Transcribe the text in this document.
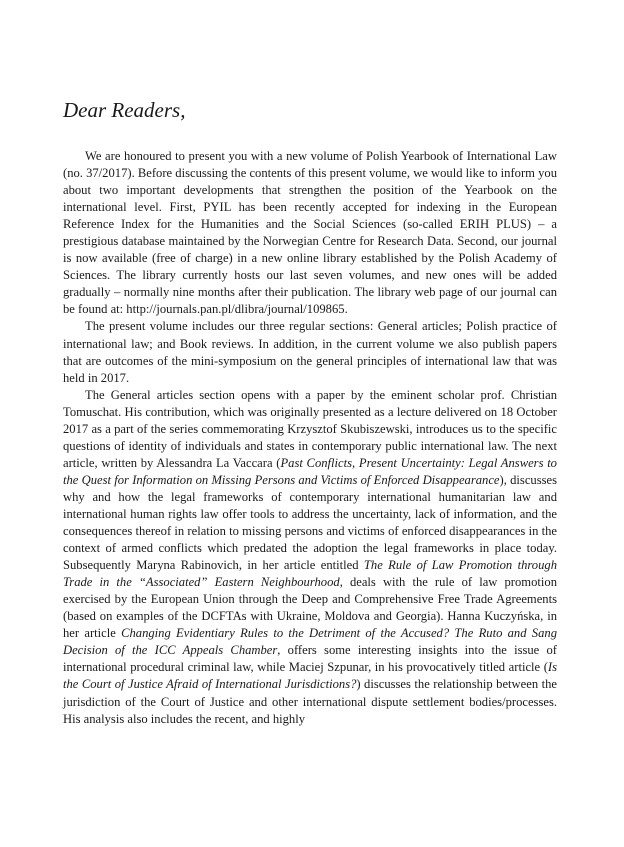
Dear Readers,

We are honoured to present you with a new volume of Polish Yearbook of International Law (no. 37/2017). Before discussing the contents of this present volume, we would like to inform you about two important developments that strengthen the position of the Yearbook on the international level. First, PYIL has been recently accepted for indexing in the European Reference Index for the Humanities and the Social Sciences (so-called ERIH PLUS) – a prestigious database maintained by the Norwegian Centre for Research Data. Second, our journal is now available (free of charge) in a new online library established by the Polish Academy of Sciences. The library currently hosts our last seven volumes, and new ones will be added gradually – normally nine months after their publication. The library web page of our journal can be found at: http://journals.pan.pl/dlibra/journal/109865.

The present volume includes our three regular sections: General articles; Polish practice of international law; and Book reviews. In addition, in the current volume we also publish papers that are outcomes of the mini-symposium on the general principles of international law that was held in 2017.

The General articles section opens with a paper by the eminent scholar prof. Christian Tomuschat. His contribution, which was originally presented as a lecture delivered on 18 October 2017 as a part of the series commemorating Krzysztof Skubiszewski, introduces us to the specific questions of identity of individuals and states in contemporary public international law. The next article, written by Alessandra La Vaccara (Past Conflicts, Present Uncertainty: Legal Answers to the Quest for Information on Missing Persons and Victims of Enforced Disappearance), discusses why and how the legal frameworks of contemporary international humanitarian law and international human rights law offer tools to address the uncertainty, lack of information, and the consequences thereof in relation to missing persons and victims of enforced disappearances in the context of armed conflicts which predated the adoption the legal frameworks in place today. Subsequently Maryna Rabinovich, in her article entitled The Rule of Law Promotion through Trade in the “Associated” Eastern Neighbourhood, deals with the rule of law promotion exercised by the European Union through the Deep and Comprehensive Free Trade Agreements (based on examples of the DCFTAs with Ukraine, Moldova and Georgia). Hanna Kuczyńska, in her article Changing Evidentiary Rules to the Detriment of the Accused? The Ruto and Sang Decision of the ICC Appeals Chamber, offers some interesting insights into the issue of international procedural criminal law, while Maciej Szpunar, in his provocatively titled article (Is the Court of Justice Afraid of International Jurisdictions?) discusses the relationship between the jurisdiction of the Court of Justice and other international dispute settlement bodies/processes. His analysis also includes the recent, and highly
